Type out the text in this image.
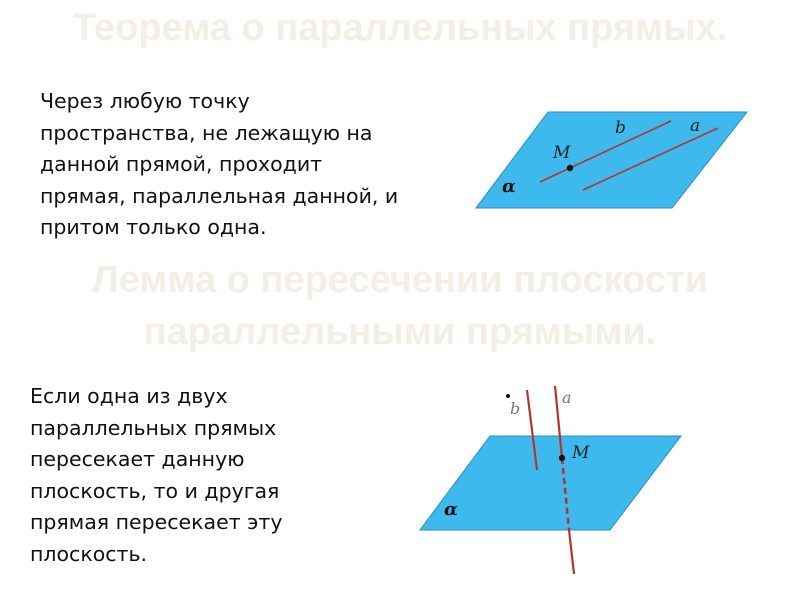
Теорема о параллельных прямых.
Лемма о пересечении плоскости параллельными прямыми.
b	a
M
α
b
a
M
α
Через любую точку
пространства, не лежащую на
данной прямой, проходит
прямая, параллельная данной, и
притом только одна.
Если одна из двух
параллельных прямых
пересекает данную
плоскость, то и другая
прямая пересекает эту
плоскость.
